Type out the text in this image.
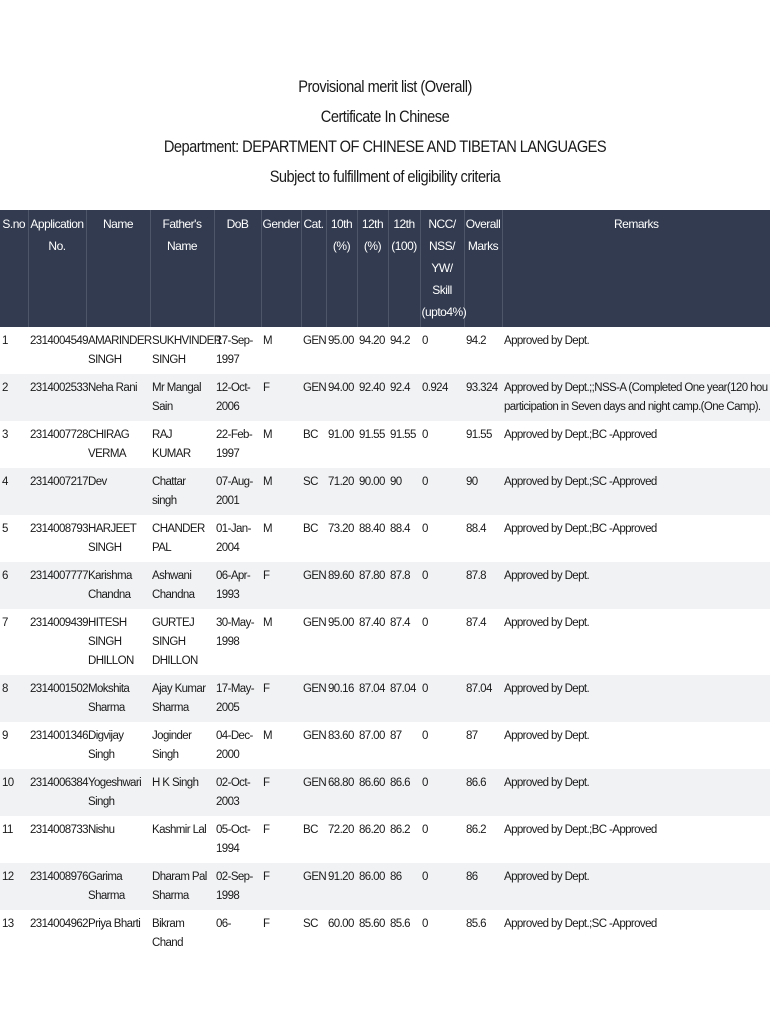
Provisional merit list (Overall)
Certificate In Chinese
Department: DEPARTMENT OF CHINESE AND TIBETAN LANGUAGES
Subject to fulfillment of eligibility criteria
S.no	Application No.	Name	Father's Name	DoB	Gender	Cat.	10th (%)	12th (%)	12th (100)	NCC/ NSS/ YW/ Skill (upto4%)	Overall Marks	Remarks
1	2314004549	AMARINDER SINGH	SUKHVINDER SINGH	17-Sep-1997	M	GEN	95.00	94.20	94.2	0	94.2	Approved by Dept.

2	2314002533	Neha Rani	Mr Mangal Sain	12-Oct-2006	F	GEN	94.00	92.40	92.4	0.924	93.324	Approved by Dept.;;NSS-A (Completed One year(120 hou
participation in Seven days and night camp.(One Camp).

3	2314007728	CHIRAG VERMA	RAJ KUMAR	22-Feb-1997	M	BC	91.00	91.55	91.55	0	91.55	Approved by Dept.;BC -Approved

4	2314007217	Dev	Chattar singh	07-Aug-2001	M	SC	71.20	90.00	90	0	90	Approved by Dept.;SC -Approved

5	2314008793	HARJEET SINGH	CHANDER PAL	01-Jan-2004	M	BC	73.20	88.40	88.4	0	88.4	Approved by Dept.;BC -Approved

6	2314007777	Karishma Chandna	Ashwani Chandna	06-Apr-1993	F	GEN	89.60	87.80	87.8	0	87.8	Approved by Dept.

7	2314009439	HITESH SINGH DHILLON	GURTEJ SINGH DHILLON	30-May-1998	M	GEN	95.00	87.40	87.4	0	87.4	Approved by Dept.

8	2314001502	Mokshita Sharma	Ajay Kumar Sharma	17-May-2005	F	GEN	90.16	87.04	87.04	0	87.04	Approved by Dept.

9	2314001346	Digvijay Singh	Joginder Singh	04-Dec-2000	M	GEN	83.60	87.00	87	0	87	Approved by Dept.

10	2314006384	Yogeshwari Singh	H K Singh	02-Oct-2003	F	GEN	68.80	86.60	86.6	0	86.6	Approved by Dept.

11	2314008733	Nishu	Kashmir Lal	05-Oct-1994	F	BC	72.20	86.20	86.2	0	86.2	Approved by Dept.;BC -Approved

12	2314008976	Garima Sharma	Dharam Pal Sharma	02-Sep-1998	F	GEN	91.20	86.00	86	0	86	Approved by Dept.

13	2314004962	Priya Bharti	Bikram Chand	06-	F	SC	60.00	85.60	85.6	0	85.6	Approved by Dept.;SC -Approved
